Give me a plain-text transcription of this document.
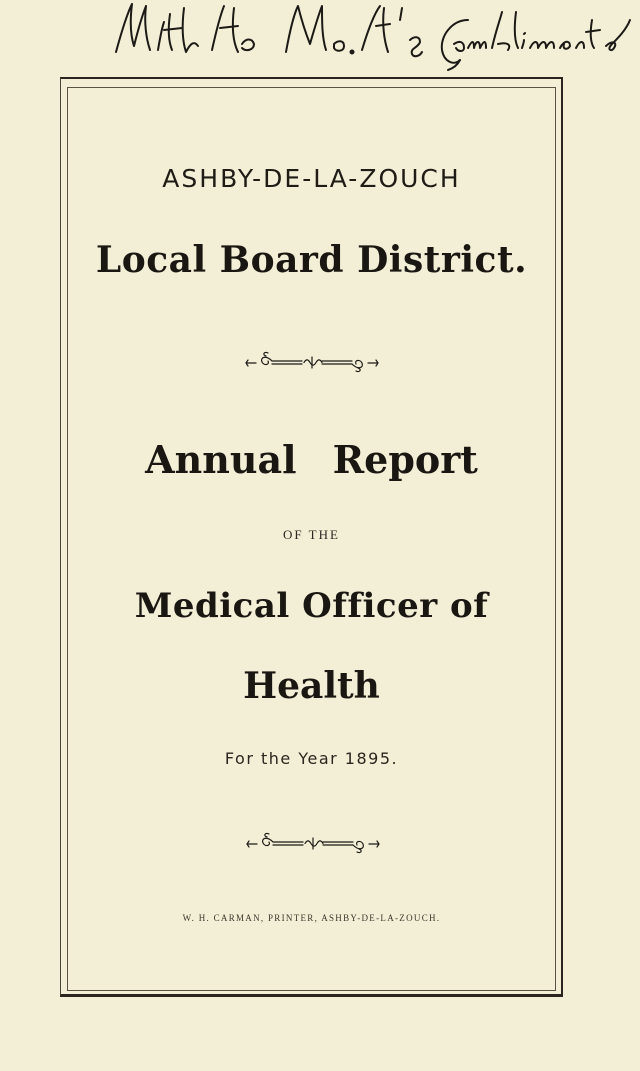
ASHBY-DE-LA-ZOUCH

Local Board District.

Annual Report

OF THE

Medical Officer of

Health

For the Year 1895.

W. H. CARMAN, PRINTER, ASHBY-DE-LA-ZOUCH.
